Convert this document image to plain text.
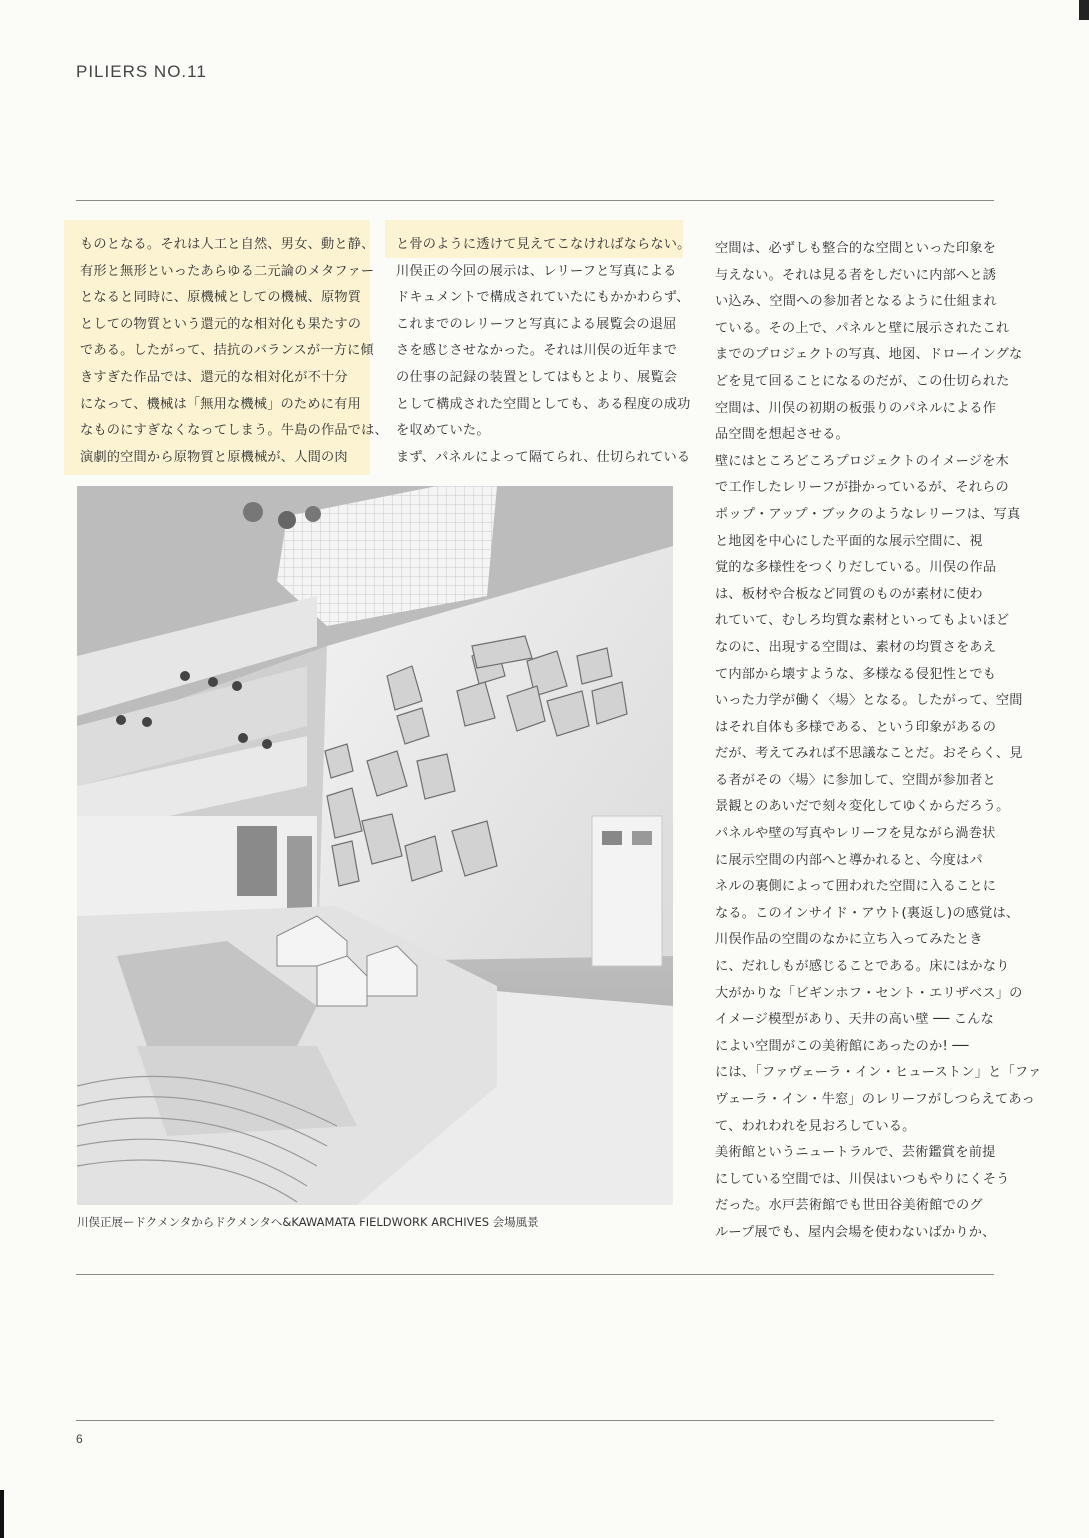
PILIERS NO.11

ものとなる。それは人工と自然、男女、動と静、

有形と無形といったあらゆる二元論のメタファー

となると同時に、原機械としての機械、原物質

としての物質という還元的な相対化も果たすの

である。したがって、拮抗のバランスが一方に傾

きすぎた作品では、還元的な相対化が不十分

になって、機械は「無用な機械」のために有用

なものにすぎなくなってしまう。牛島の作品では、

演劇的空間から原物質と原機械が、人間の肉

と骨のように透けて見えてこなければならない。

川俣正の今回の展示は、レリーフと写真による

ドキュメントで構成されていたにもかかわらず、

これまでのレリーフと写真による展覧会の退屈

さを感じさせなかった。それは川俣の近年まで

の仕事の記録の装置としてはもとより、展覧会

として構成された空間としても、ある程度の成功

を収めていた。

まず、パネルによって隔てられ、仕切られている

空間は、必ずしも整合的な空間といった印象を

与えない。それは見る者をしだいに内部へと誘

い込み、空間への参加者となるように仕組まれ

ている。その上で、パネルと壁に展示されたこれ

までのプロジェクトの写真、地図、ドローイングな

どを見て回ることになるのだが、この仕切られた

空間は、川俣の初期の板張りのパネルによる作

品空間を想起させる。

壁にはところどころプロジェクトのイメージを木

で工作したレリーフが掛かっているが、それらの

ポップ・アップ・ブックのようなレリーフは、写真

と地図を中心にした平面的な展示空間に、視

覚的な多様性をつくりだしている。川俣の作品

は、板材や合板など同質のものが素材に使わ

れていて、むしろ均質な素材といってもよいほど

なのに、出現する空間は、素材の均質さをあえ

て内部から壊すような、多様なる侵犯性とでも

いった力学が働く〈場〉となる。したがって、空間

はそれ自体も多様である、という印象があるの

だが、考えてみれば不思議なことだ。おそらく、見

る者がその〈場〉に参加して、空間が参加者と

景観とのあいだで刻々変化してゆくからだろう。

パネルや壁の写真やレリーフを見ながら渦巻状

に展示空間の内部へと導かれると、今度はパ

ネルの裏側によって囲われた空間に入ることに

なる。このインサイド・アウト(裏返し)の感覚は、

川俣作品の空間のなかに立ち入ってみたとき

に、だれしもが感じることである。床にはかなり

大がかりな「ビギンホフ・セント・エリザベス」の

イメージ模型があり、天井の高い壁 ── こんな

によい空間がこの美術館にあったのか! ──

には、「ファヴェーラ・イン・ヒューストン」と「ファ

ヴェーラ・イン・牛窓」のレリーフがしつらえてあっ

て、われわれを見おろしている。

美術館というニュートラルで、芸術鑑賞を前提

にしている空間では、川俣はいつもやりにくそう

だった。水戸芸術館でも世田谷美術館でのグ

ループ展でも、屋内会場を使わないばかりか、

川俣正展ードクメンタからドクメンタへ&KAWAMATA FIELDWORK ARCHIVES 会場風景
6
